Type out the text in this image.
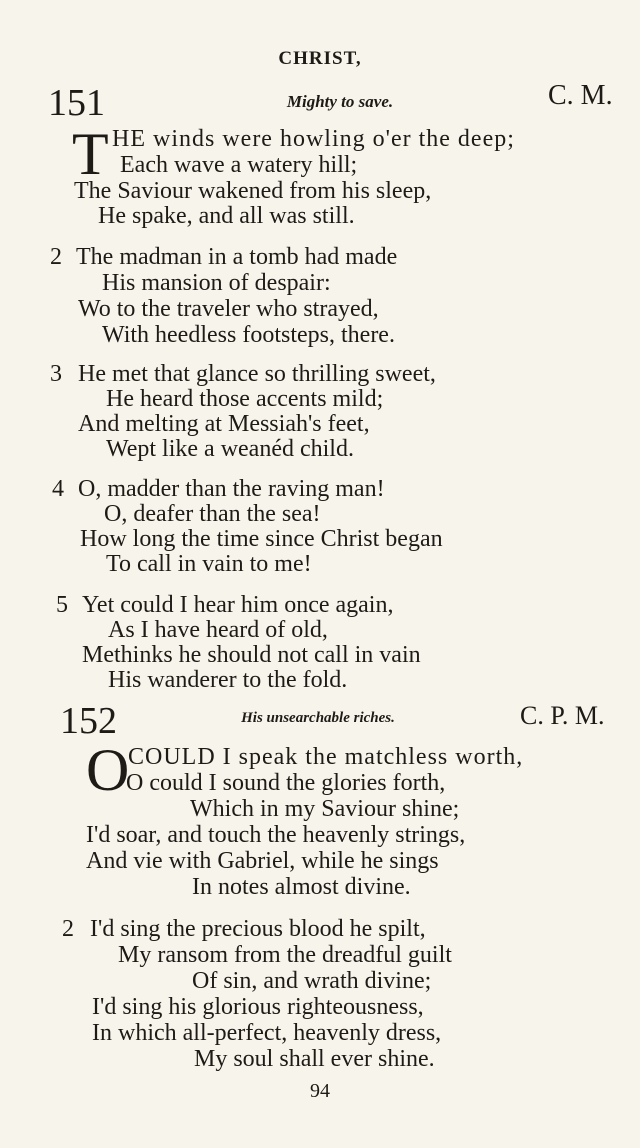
CHRIST,
151	Mighty to save.	C. M.
T HE winds were howling o'er the deep;
Each wave a watery hill;
The Saviour wakened from his sleep,
He spake, and all was still.
2 The madman in a tomb had made
His mansion of despair:
Wo to the traveler who strayed,
With heedless footsteps, there.
3 He met that glance so thrilling sweet,
He heard those accents mild;
And melting at Messiah's feet,
Wept like a weanéd child.
4 O, madder than the raving man!
O, deafer than the sea!
How long the time since Christ began
To call in vain to me!
5 Yet could I hear him once again,
As I have heard of old,
Methinks he should not call in vain
His wanderer to the fold.
152	His unsearchable riches.	C. P. M.
O
COULD I speak the matchless worth,
O could I sound the glories forth,
Which in my Saviour shine;
I'd soar, and touch the heavenly strings,
And vie with Gabriel, while he sings
In notes almost divine.
2 I'd sing the precious blood he spilt,
My ransom from the dreadful guilt
Of sin, and wrath divine;
I'd sing his glorious righteousness,
In which all-perfect, heavenly dress,
My soul shall ever shine.
94
